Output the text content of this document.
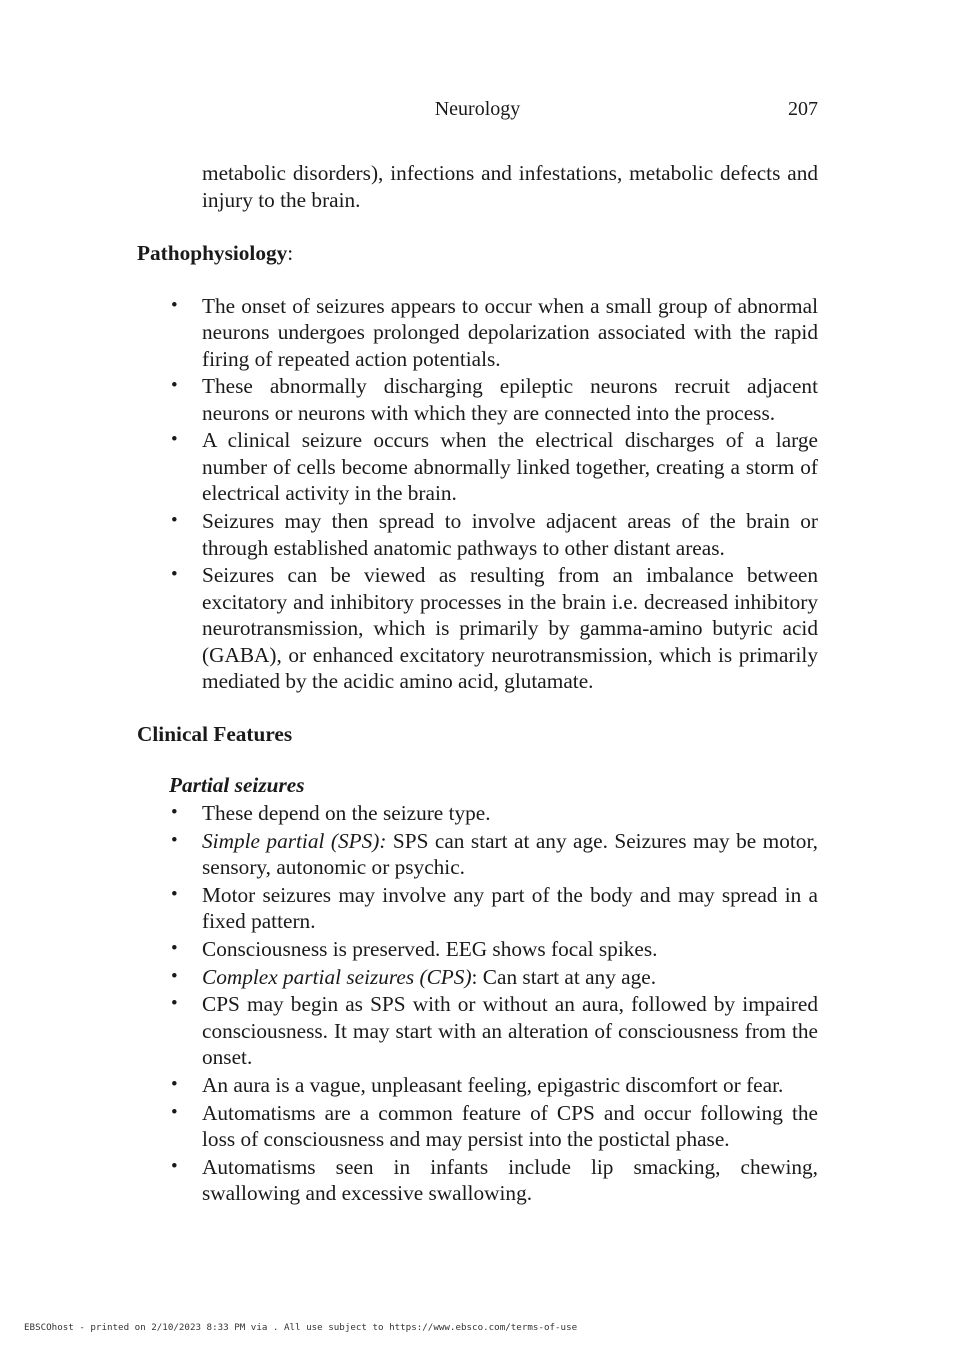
Neurology	207

metabolic disorders), infections and infestations, metabolic defects and injury to the brain.

Pathophysiology:
• The onset of seizures appears to occur when a small group of abnormal neurons undergoes prolonged depolarization associated with the rapid firing of repeated action potentials.
• These abnormally discharging epileptic neurons recruit adjacent neurons or neurons with which they are connected into the process.
• A clinical seizure occurs when the electrical discharges of a large number of cells become abnormally linked together, creating a storm of electrical activity in the brain.
• Seizures may then spread to involve adjacent areas of the brain or through established anatomic pathways to other distant areas.
• Seizures can be viewed as resulting from an imbalance between excitatory and inhibitory processes in the brain i.e. decreased inhibitory neurotransmission, which is primarily by gamma-amino butyric acid (GABA), or enhanced excitatory neurotransmission, which is primarily mediated by the acidic amino acid, glutamate.
Clinical Features
Partial seizures
• These depend on the seizure type.
• Simple partial (SPS): SPS can start at any age. Seizures may be motor, sensory, autonomic or psychic.
• Motor seizures may involve any part of the body and may spread in a fixed pattern.
• Consciousness is preserved. EEG shows focal spikes.
• Complex partial seizures (CPS): Can start at any age.
• CPS may begin as SPS with or without an aura, followed by impaired consciousness. It may start with an alteration of consciousness from the onset.
• An aura is a vague, unpleasant feeling, epigastric discomfort or fear.
• Automatisms are a common feature of CPS and occur following the loss of consciousness and may persist into the postictal phase.
• Automatisms seen in infants include lip smacking, chewing, swallowing and excessive swallowing.
EBSCOhost - printed on 2/10/2023 8:33 PM via . All use subject to https://www.ebsco.com/terms-of-use
